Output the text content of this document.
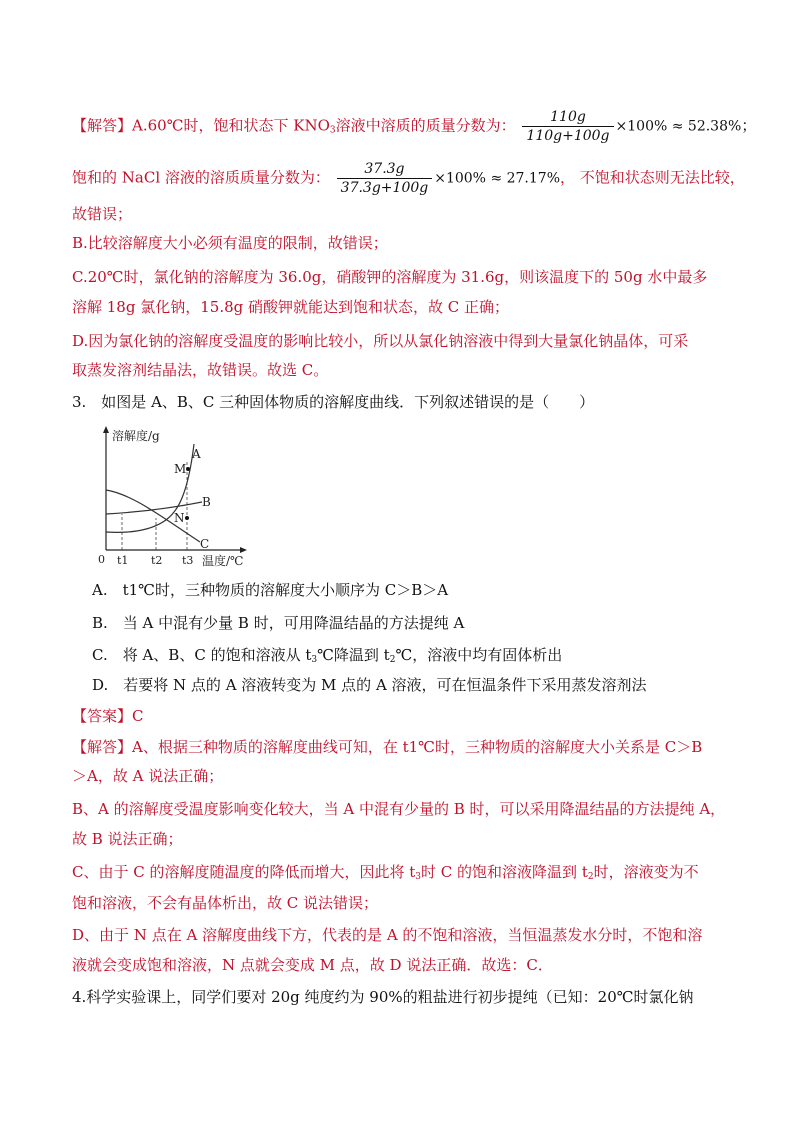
【解答】A.60℃时，饱和状态下 $KNO_3$溶液中溶质的质量分数为： $\frac{110g}{110g+100g} \times 100\% \approx 52.38\%$；
饱和的 NaCl 溶液的溶质质量分数为： $\frac{37.3g}{37.3g+100g} \times 100\% \approx 27.17\%$， 不饱和状态则无法比较，
故错误；
B.比较溶解度大小必须有温度的限制，故错误；
C.20℃时，氯化钠的溶解度为 36.0g，硝酸钾的溶解度为 31.6g，则该温度下的 50g 水中最多
溶解 18g 氯化钠，15.8g 硝酸钾就能达到饱和状态，故 C 正确；
D.因为氯化钠的溶解度受温度的影响比较小，所以从氯化钠溶液中得到大量氯化钠晶体，可采
取蒸发溶剂结晶法，故错误。故选 C。
3.　如图是 A、B、C 三种固体物质的溶解度曲线．下列叙述错误的是（　　）
溶解度/g
温度/℃
0 t1 t2 t3
A
B
C
M
N
A.　t1℃时，三种物质的溶解度大小顺序为 C＞B＞A
B.　当 A 中混有少量 B 时，可用降温结晶的方法提纯 A
C.　将 A、B、C 的饱和溶液从 $t_3℃$降温到 $t_2℃$，溶液中均有固体析出
D.　若要将 N 点的 A 溶液转变为 M 点的 A 溶液，可在恒温条件下采用蒸发溶剂法
【答案】C
【解答】A、根据三种物质的溶解度曲线可知，在 t1℃时，三种物质的溶解度大小关系是 C＞B
＞A，故 A 说法正确；
B、A 的溶解度受温度影响变化较大，当 A 中混有少量的 B 时，可以采用降温结晶的方法提纯 A，
故 B 说法正确；
C、由于 C 的溶解度随温度的降低而增大，因此将 $t_3$时 C 的饱和溶液降温到 $t_2$时，溶液变为不
饱和溶液，不会有晶体析出，故 C 说法错误；
D、由于 N 点在 A 溶解度曲线下方，代表的是 A 的不饱和溶液，当恒温蒸发水分时，不饱和溶
液就会变成饱和溶液，N 点就会变成 M 点，故 D 说法正确．故选：C．
4.科学实验课上，同学们要对 20g 纯度约为 90%的粗盐进行初步提纯（已知：20℃时氯化钠
